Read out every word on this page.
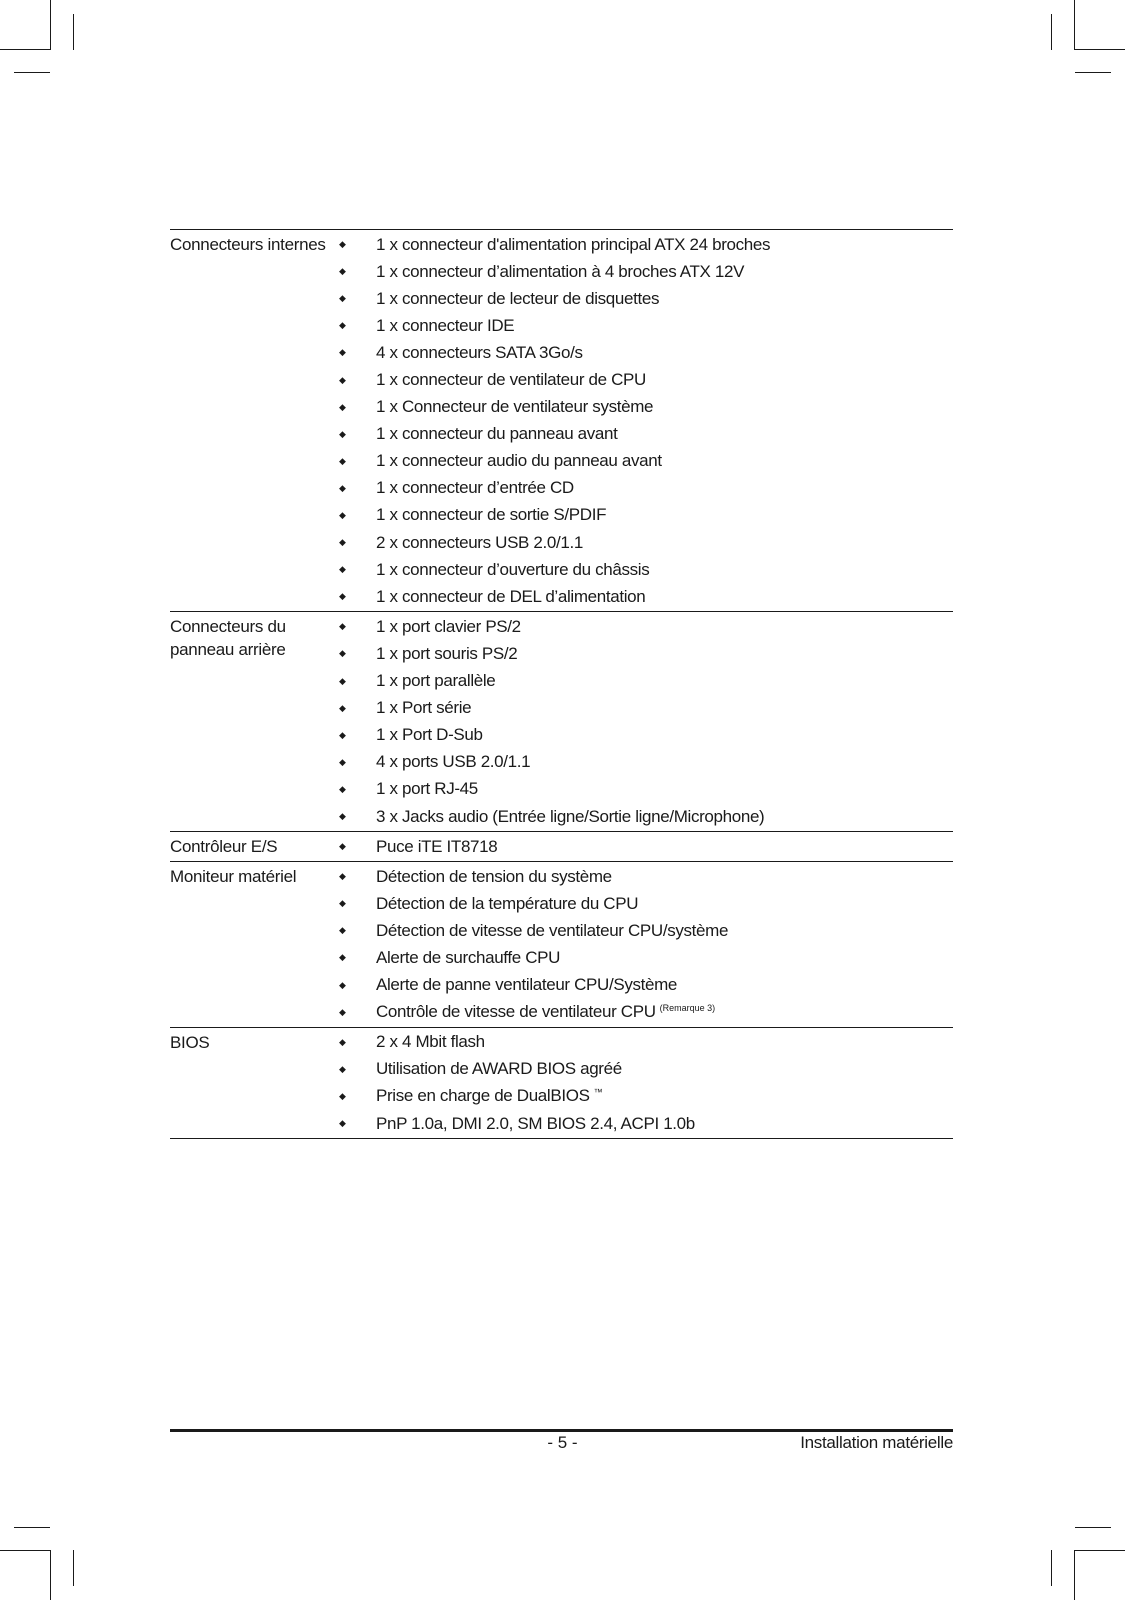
Connecteurs internes	◆	1 x connecteur d'alimentation principal ATX 24 broches
◆	1 x connecteur d’alimentation à 4 broches ATX 12V
◆	1 x connecteur de lecteur de disquettes
◆	1 x connecteur IDE
◆	4 x connecteurs SATA 3Go/s
◆	1 x connecteur de ventilateur de CPU
◆	1 x Connecteur de ventilateur système
◆	1 x connecteur du panneau avant
◆	1 x connecteur audio du panneau avant
◆	1 x connecteur d’entrée CD
◆	1 x connecteur de sortie S/PDIF
◆	2 x connecteurs USB 2.0/1.1
◆	1 x connecteur d’ouverture du châssis
◆	1 x connecteur de DEL d’alimentation
Connecteurs du panneau arrière
◆	1 x port clavier PS/2
◆	1 x port souris PS/2
◆	1 x port parallèle
◆	1 x Port série
◆	1 x Port D-Sub
◆	4 x ports USB 2.0/1.1
◆	1 x port RJ-45
◆	3 x Jacks audio (Entrée ligne/Sortie ligne/Microphone)
Contrôleur E/S	◆	Puce iTE IT8718
Moniteur matériel	◆	Détection de tension du système
◆	Détection de la température du CPU
◆	Détection de vitesse de ventilateur CPU/système
◆	Alerte de surchauffe CPU
◆	Alerte de panne ventilateur CPU/Système
◆	Contrôle de vitesse de ventilateur CPU $^{(Remarque 3)}$
BIOS	◆	2 x 4 Mbit flash
◆	Utilisation de AWARD BIOS agréé
◆	Prise en charge de DualBIOS ™
◆	PnP 1.0a, DMI 2.0, SM BIOS 2.4, ACPI 1.0b
- 5 -	Installation matérielle
